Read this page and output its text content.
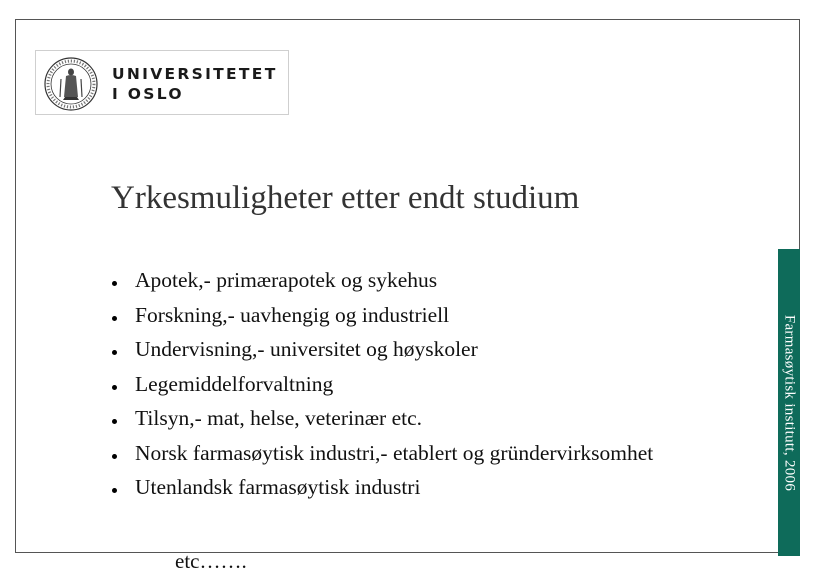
UNIVERSITETET
I OSLO
Yrkesmuligheter etter endt studium
Apotek,- primærapotek og sykehus
Forskning,- uavhengig og industriell
Undervisning,- universitet og høyskoler
Legemiddelforvaltning
Tilsyn,- mat, helse, veterinær etc.
Norsk farmasøytisk industri,- etablert og gründervirksomhet
Utenlandsk farmasøytisk industri
etc…….
Farmasøytisk institutt, 2006
